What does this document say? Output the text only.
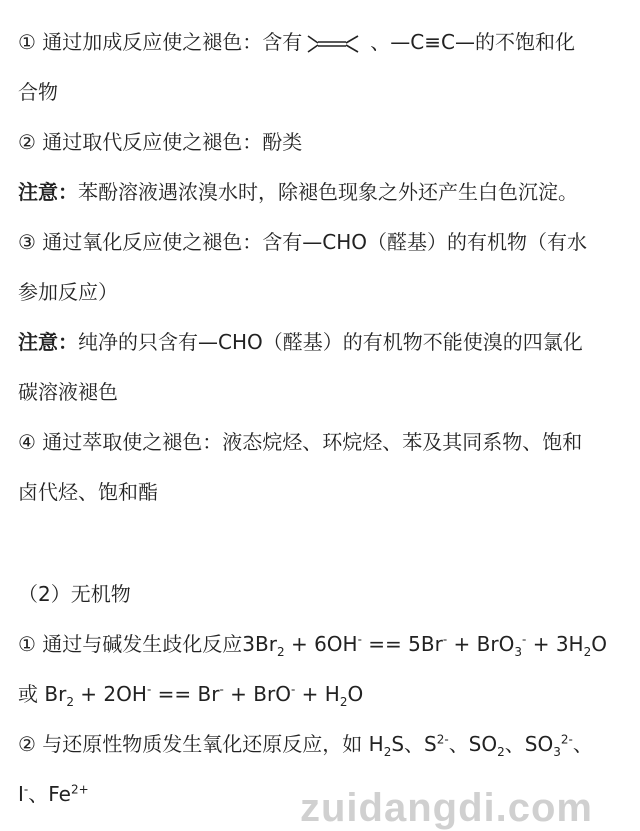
① 通过加成反应使之褪色：含有	、—C≡C—的不饱和化
合物
② 通过取代反应使之褪色：酚类
注意：苯酚溶液遇浓溴水时，除褪色现象之外还产生白色沉淀。
③ 通过氧化反应使之褪色：含有—CHO（醛基）的有机物（有水
参加反应）
注意：纯净的只含有—CHO（醛基）的有机物不能使溴的四氯化
碳溶液褪色
④ 通过萃取使之褪色：液态烷烃、环烷烃、苯及其同系物、饱和
卤代烃、饱和酯
（2）无机物
① 通过与碱发生歧化反应$3Br_2 + 6OH^- == 5Br^- + BrO_3^- + 3H_2O$
或 $Br_2 + 2OH^- == Br^- + BrO^- + H_2O$
② 与还原性物质发生氧化还原反应，如 $H_2S$、$S^{2-}$、$SO_2$、$SO_3^{2-}$、
I-、$Fe^{2+}$	zuidangdi.com
